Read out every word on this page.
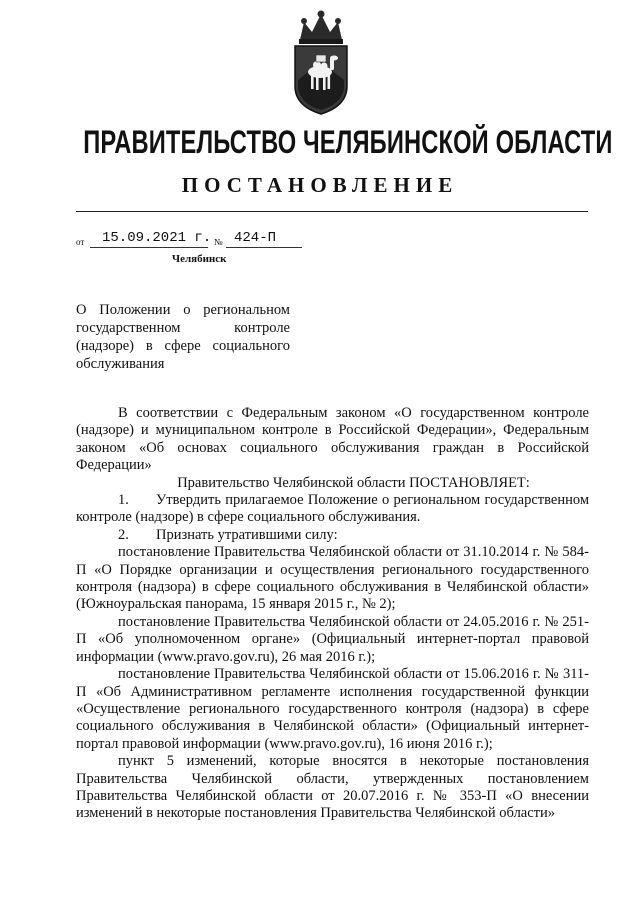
ПРАВИТЕЛЬСТВО ЧЕЛЯБИНСКОЙ ОБЛАСТИ
ПОСТАНОВЛЕНИЕ
от 15.09.2021 г. № 424-П
Челябинск
О Положении о региональном государственном контроле (надзоре) в сфере социального обслуживания

В соответствии с Федеральным законом «О государственном контроле (надзоре) и муниципальном контроле в Российской Федерации», Федеральным законом «Об основах социального обслуживания граждан в Российской Федерации»

Правительство Челябинской области ПОСТАНОВЛЯЕТ:

1. Утвердить прилагаемое Положение о региональном государственном контроле (надзоре) в сфере социального обслуживания.

2. Признать утратившими силу:

постановление Правительства Челябинской области от 31.10.2014 г. № 584-П «О Порядке организации и осуществления регионального государственного контроля (надзора) в сфере социального обслуживания в Челябинской области» (Южноуральская панорама, 15 января 2015 г., № 2);

постановление Правительства Челябинской области от 24.05.2016 г. № 251-П «Об уполномоченном органе» (Официальный интернет-портал правовой информации (www.pravo.gov.ru), 26 мая 2016 г.);

постановление Правительства Челябинской области от 15.06.2016 г. № 311-П «Об Административном регламенте исполнения государственной функции «Осуществление регионального государственного контроля (надзора) в сфере социального обслуживания в Челябинской области» (Официальный интернет-портал правовой информации (www.pravo.gov.ru), 16 июня 2016 г.);

пункт 5 изменений, которые вносятся в некоторые постановления Правительства Челябинской области, утвержденных постановлением Правительства Челябинской области от 20.07.2016 г. № 353-П «О внесении изменений в некоторые постановления Правительства Челябинской области»
